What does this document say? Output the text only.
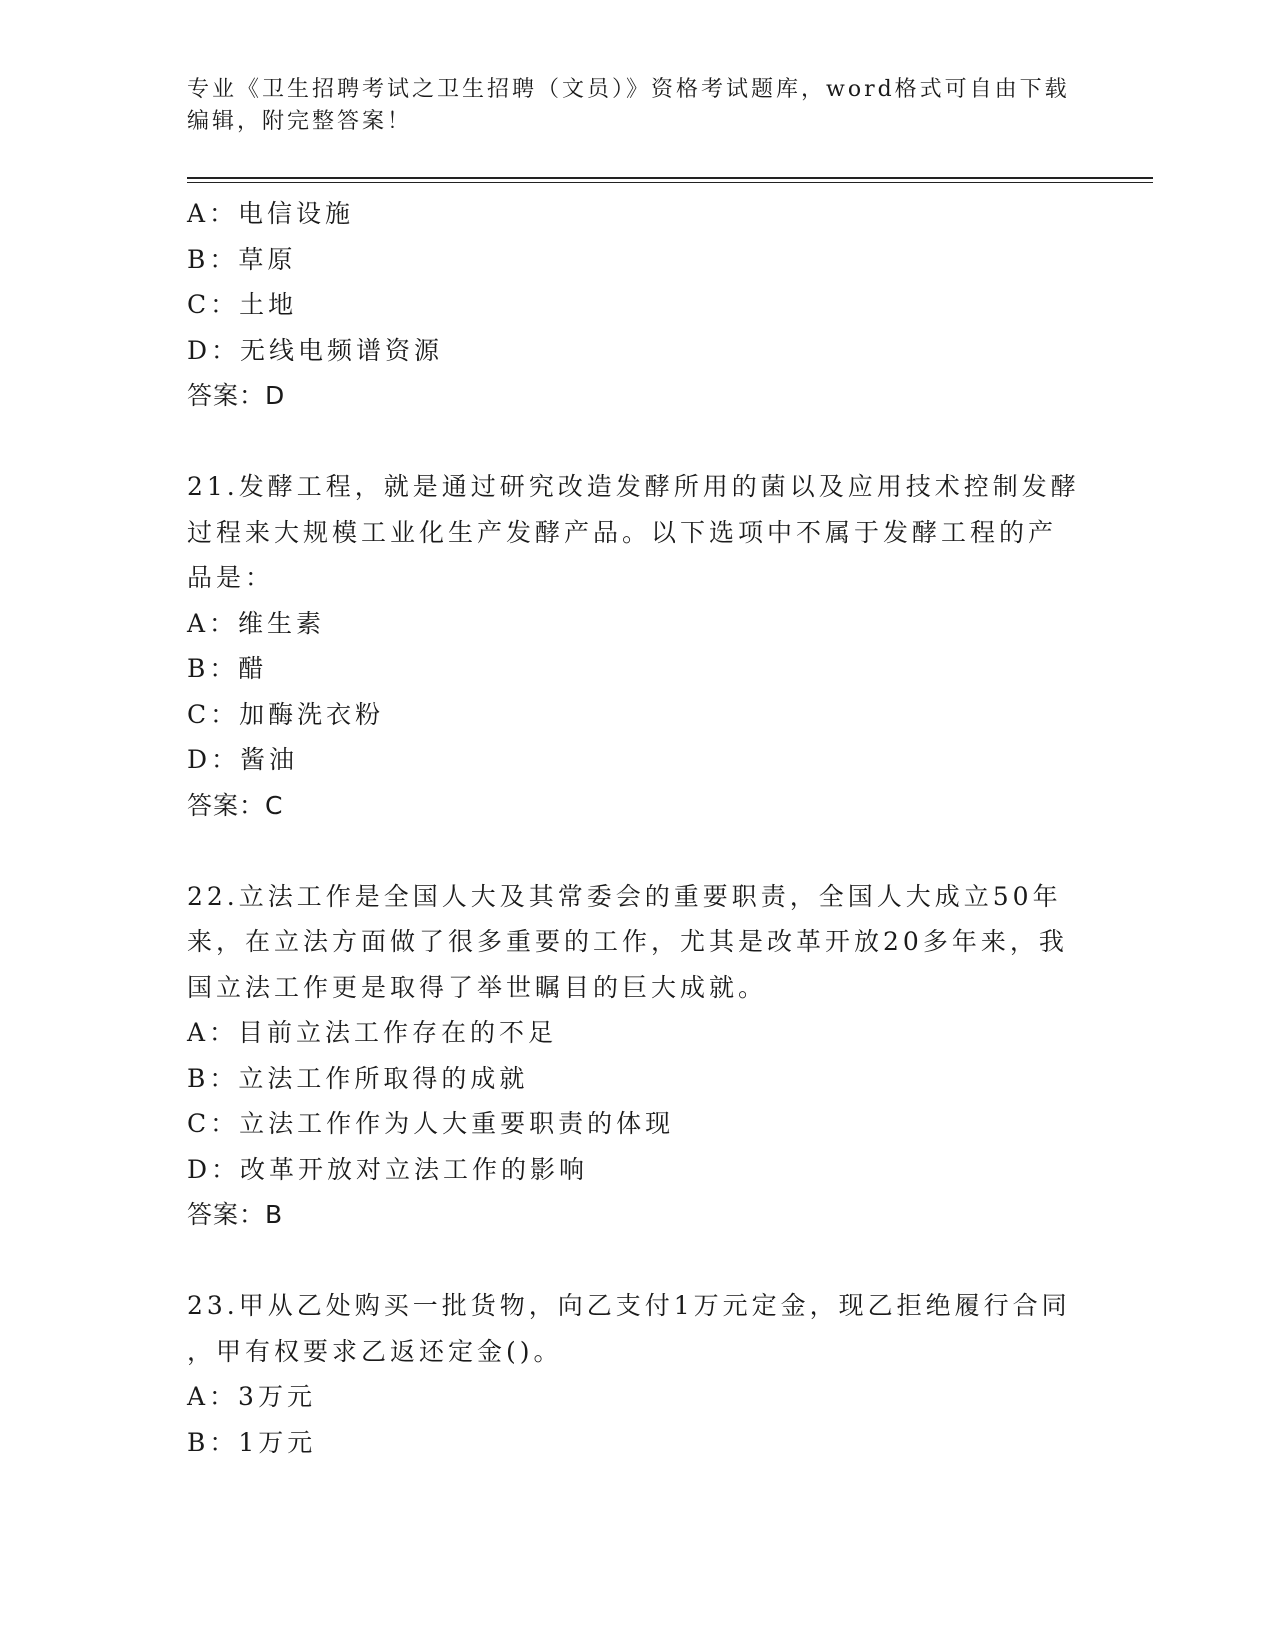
专业《卫生招聘考试之卫生招聘（文员）》资格考试题库，word格式可自由下载
编辑，附完整答案！
A：电信设施
B：草原
C：土地
D：无线电频谱资源
答案：D
21.发酵工程，就是通过研究改造发酵所用的菌以及应用技术控制发酵
过程来大规模工业化生产发酵产品。以下选项中不属于发酵工程的产
品是：
A：维生素
B：醋
C：加酶洗衣粉
D：酱油
答案：C
22.立法工作是全国人大及其常委会的重要职责，全国人大成立50年
来，在立法方面做了很多重要的工作，尤其是改革开放20多年来，我
国立法工作更是取得了举世瞩目的巨大成就。
A：目前立法工作存在的不足
B：立法工作所取得的成就
C：立法工作作为人大重要职责的体现
D：改革开放对立法工作的影响
答案：B
23.甲从乙处购买一批货物，向乙支付1万元定金，现乙拒绝履行合同
，甲有权要求乙返还定金()。
A：3万元
B：1万元
